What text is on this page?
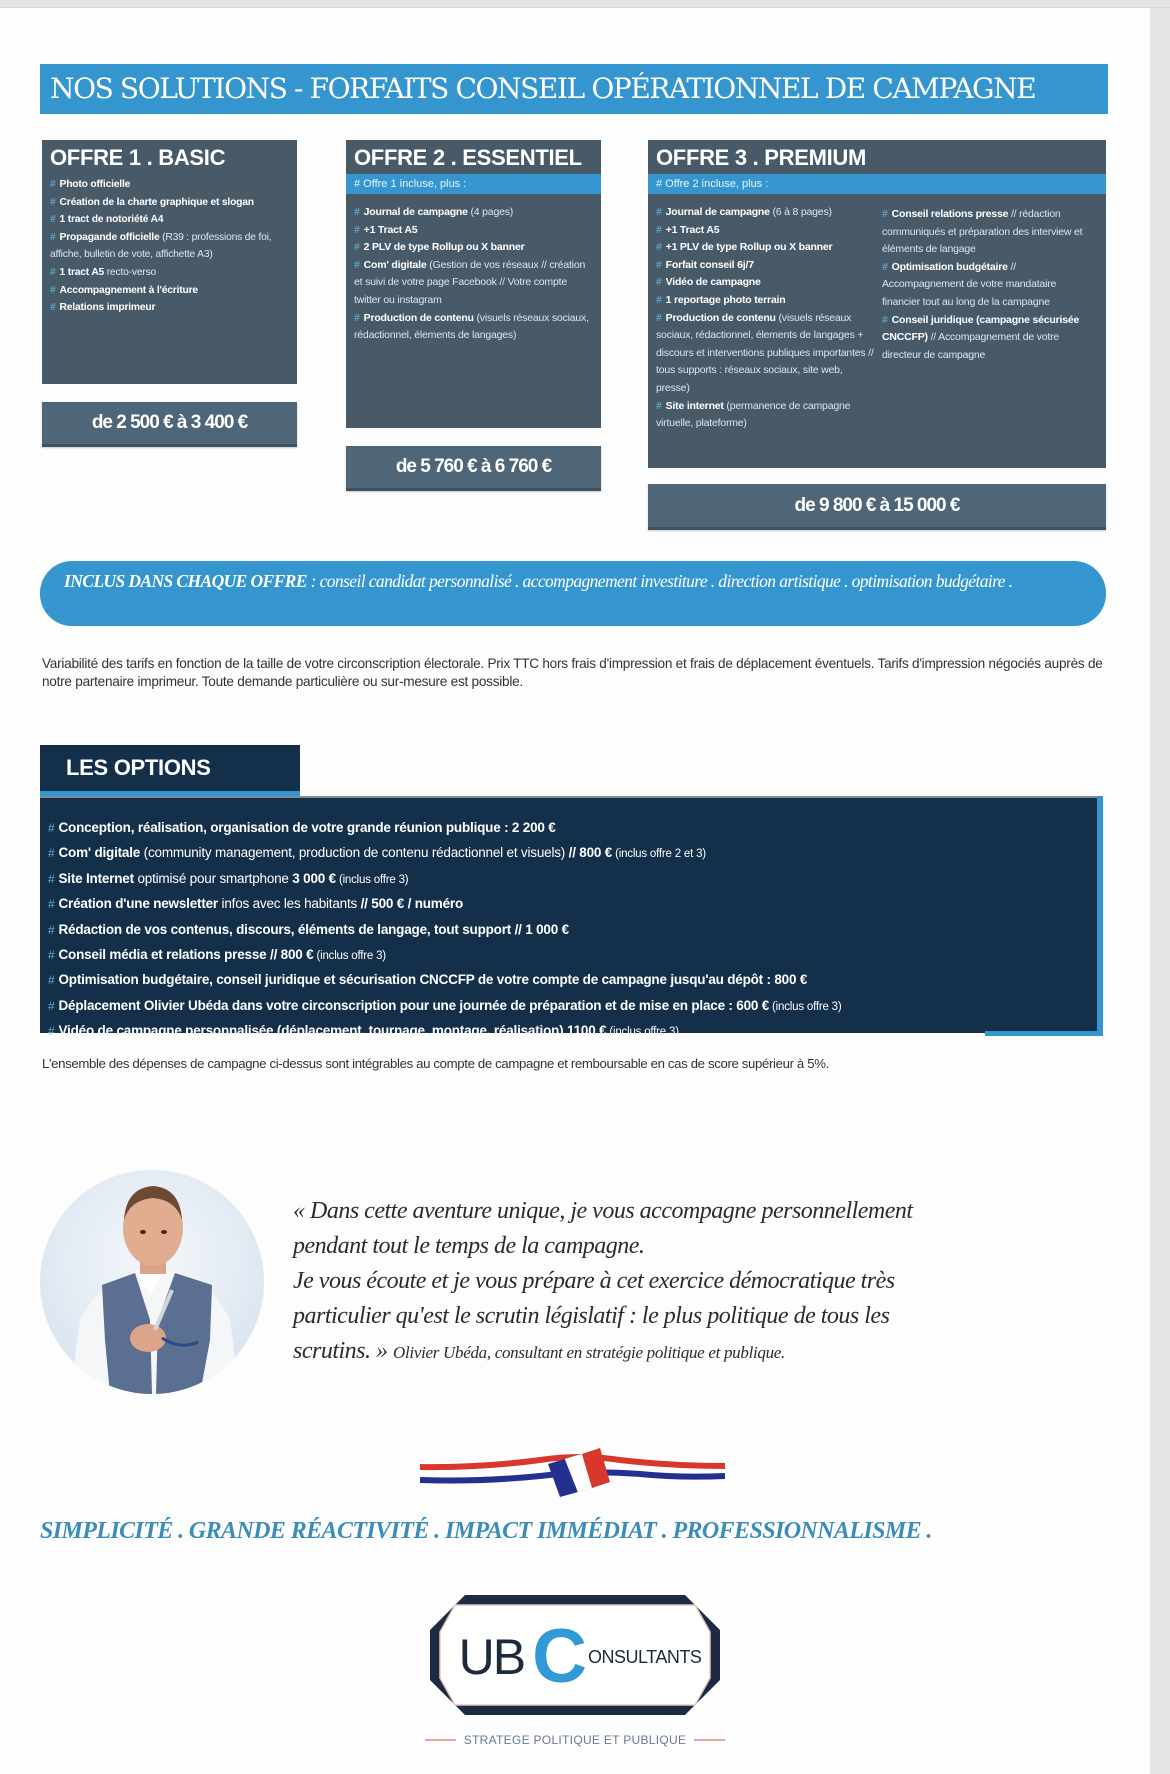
NOS SOLUTIONS - FORFAITS CONSEIL OPÉRATIONNEL DE CAMPAGNE
OFFRE 1 . BASIC
# Photo officielle
# Création de la charte graphique et slogan
# 1 tract de notoriété A4
# Propagande officielle (R39 : professions de foi, affiche, bulletin de vote, affichette A3)
# 1 tract A5 recto-verso
# Accompagnement à l'écriture
# Relations imprimeur
de 2 500 € à 3 400 €
OFFRE 2 . ESSENTIEL
# Offre 1 incluse, plus :
# Journal de campagne (4 pages)
# +1 Tract A5
# 2 PLV de type Rollup ou X banner
# Com' digitale (Gestion de vos réseaux // création et suivi de votre page Facebook // Votre compte twitter ou instagram
# Production de contenu (visuels réseaux sociaux, rédactionnel, élements de langages)
de 5 760 € à 6 760 €
OFFRE 3 . PREMIUM
# Offre 2 incluse, plus :
# Journal de campagne (6 à 8 pages)
# +1 Tract A5
# +1 PLV de type Rollup ou X banner
# Forfait conseil 6j/7
# Vidéo de campagne
# 1 reportage photo terrain
# Production de contenu (visuels réseaux sociaux, rédactionnel, élements de langages + discours et interventions publiques importantes // tous supports : réseaux sociaux, site web, presse)
# Site internet (permanence de campagne virtuelle, plateforme)
# Conseil relations presse // rédaction communiqués et préparation des interview et éléments de langage
# Optimisation budgétaire // Accompagnement de votre mandataire financier tout au long de la campagne
# Conseil juridique (campagne sécurisée CNCCFP) // Accompagnement de votre directeur de campagne
de 9 800 € à 15 000 €
INCLUS DANS CHAQUE OFFRE : conseil candidat personnalisé . accompagnement investiture . direction artistique . optimisation budgétaire .
Variabilité des tarifs en fonction de la taille de votre circonscription électorale. Prix TTC hors frais d'impression et frais de déplacement éventuels. Tarifs d'impression négociés auprès de notre partenaire imprimeur. Toute demande particulière ou sur-mesure est possible.
LES OPTIONS
# Conception, réalisation, organisation de votre grande réunion publique : 2 200 €
# Com' digitale (community management, production de contenu rédactionnel et visuels) // 800 € (inclus offre 2 et 3)
# Site Internet optimisé pour smartphone 3 000 € (inclus offre 3)
# Création d'une newsletter infos avec les habitants // 500 € / numéro
# Rédaction de vos contenus, discours, éléments de langage, tout support // 1 000 €
# Conseil média et relations presse // 800 € (inclus offre 3)
# Optimisation budgétaire, conseil juridique et sécurisation CNCCFP de votre compte de campagne jusqu'au dépôt : 800 €
# Déplacement Olivier Ubéda dans votre circonscription pour une journée de préparation et de mise en place : 600 € (inclus offre 3)
# Vidéo de campagne personnalisée (déplacement, tournage, montage, réalisation) 1100 € (inclus offre 3)
L'ensemble des dépenses de campagne ci-dessus sont intégrables au compte de campagne et remboursable en cas de score supérieur à 5%.
« Dans cette aventure unique, je vous accompagne personnellement
pendant tout le temps de la campagne.
Je vous écoute et je vous prépare à cet exercice démocratique très
particulier qu'est le scrutin législatif : le plus politique de tous les
scrutins. » Olivier Ubéda, consultant en stratégie politique et publique.
SIMPLICITÉ . GRANDE RÉACTIVITÉ . IMPACT IMMÉDIAT . PROFESSIONNALISME .
UB C ONSULTANTS
STRATEGE POLITIQUE ET PUBLIQUE
